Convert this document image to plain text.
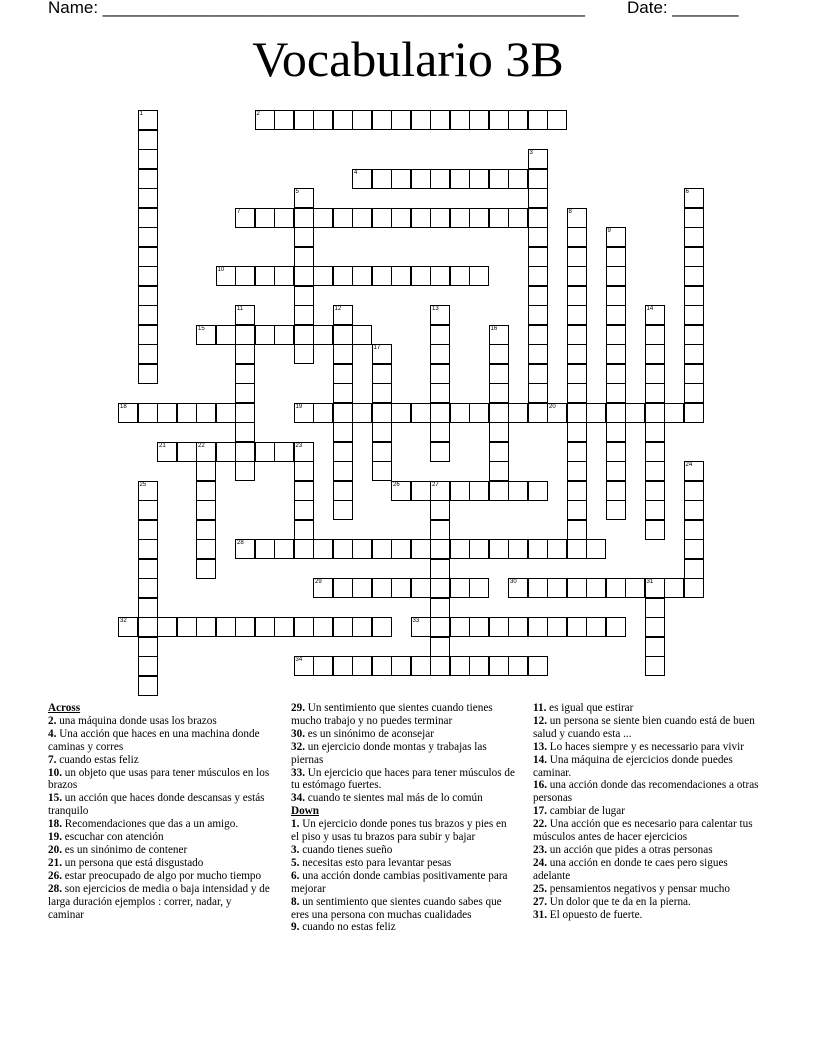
Name: ___________________________________________________ Date: _______
Vocabulario 3B
1	2
3
4
5	6
7	8
9
10
11	12	13	14
15	16
17
18	19	20
21	22	23
24
25	26	27
28
29	30	31
32	33
34
Across
2. una máquina donde usas los brazos
4. Una acción que haces en una machina donde caminas y corres
7. cuando estas feliz
10. un objeto que usas para tener músculos en los brazos
15. un acción que haces donde descansas y estás tranquilo
18. Recomendaciones que das a un amigo.
19. escuchar con atención
20. es un sinónimo de contener
21. un persona que está disgustado
26. estar preocupado de algo por mucho tiempo
28. son ejercicios de media o baja intensidad y de larga duración ejemplos : correr, nadar, y caminar
29. Un sentimiento que sientes cuando tienes mucho trabajo y no puedes terminar
30. es un sinónimo de aconsejar
32. un ejercicio donde montas y trabajas las piernas
33. Un ejercicio que haces para tener músculos de tu estómago fuertes.
34. cuando te sientes mal más de lo común
Down
1. Un ejercicio donde pones tus brazos y pies en el piso y usas tu brazos para subir y bajar
3. cuando tienes sueño
5. necesitas esto para levantar pesas
6. una acción donde cambias positivamente para mejorar
8. un sentimiento que sientes cuando sabes que eres una persona con muchas cualidades
9. cuando no estas feliz
11. es igual que estirar
12. un persona se siente bien cuando está de buen salud y cuando esta ...
13. Lo haces siempre y es necessario para vivir
14. Una máquina de ejercicios donde puedes caminar.
16. una acción donde das recomendaciones a otras personas
17. cambiar de lugar
22. Una acción que es necesario para calentar tus músculos antes de hacer ejercicios
23. un acción que pides a otras personas
24. una acción en donde te caes pero sigues adelante
25. pensamientos negativos y pensar mucho
27. Un dolor que te da en la pierna.
31. El opuesto de fuerte.
